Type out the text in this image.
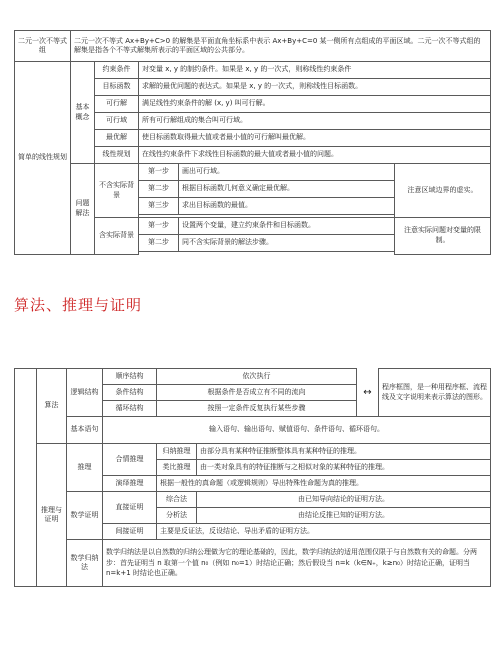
二元一次不等式组	二元一次不等式 Ax+By+C>0 的解集是平面直角坐标系中表示 Ax+By+C=0 某一侧所有点组成的平面区域。二元一次不等式组的解集是指各个不等式解集所表示的平面区域的公共部分。				
简单的线性规划	基本概念	约束条件	对变量 x, y 的制约条件。如果是 x, y 的一次式，则称线性约束条件		
		目标函数	求解的最优问题的表达式。如果是 x, y 的一次式，则称线性目标函数。		
		可行解	满足线性约束条件的解 (x, y) 叫可行解。		
		可行域	所有可行解组成的集合叫可行域。		
		最优解	使目标函数取得最大值或者最小值的可行解叫最优解。		
		线性规划	在线性约束条件下求线性目标函数的最大值或者最小值的问题。		
	问题解法	不含实际背景	第一步	画出可行域。	注意区域边界的虚实。
			第二步	根据目标函数几何意义确定最优解。	
			第三步	求出目标函数的最值。	

		含实际背景	第一步	设置两个变量，建立约束条件和目标函数。	注意实际问题对变量的限制。
			第二步	同不含实际背景的解法步骤。	

算法、推理与证明
	算法	逻辑结构	顺序结构	依次执行		↔	程序框图，是一种用程序框、流程线及文字说明来表示算法的图形。
			条件结构	根据条件是否成立有不同的流向			
			循环结构	按照一定条件反复执行某些步骤			
		基本语句	输入语句、输出语句、赋值语句、条件语句、循环语句。				
	推理与证明	推理	合情推理	归纳推理	由部分具有某种特征推断整体具有某种特征的推理。		
				类比推理	由一类对象具有的特征推断与之相似对象的某种特征的推理。		
			演绎推理	根据一般性的真命题（或逻辑规则）导出特殊性命题为真的推理。			
		数学证明	直接证明	综合法	由已知导向结论的证明方法。		
				分析法	由结论反推已知的证明方法。		
			间接证明	主要是反证法，反设结论、导出矛盾的证明方法。			
		数学归纳法	数学归纳法是以自然数的归纳公理做为它的理论基础的，因此，数学归纳法的适用范围仅限于与自然数有关的命题。分两步：首先证明当 n 取第一个值 n₀（例如 n₀=1）时结论正确；然后假设当 n=k（k∈N₊，k≥n₀）时结论正确，证明当 n=k+1 时结论也正确。				
